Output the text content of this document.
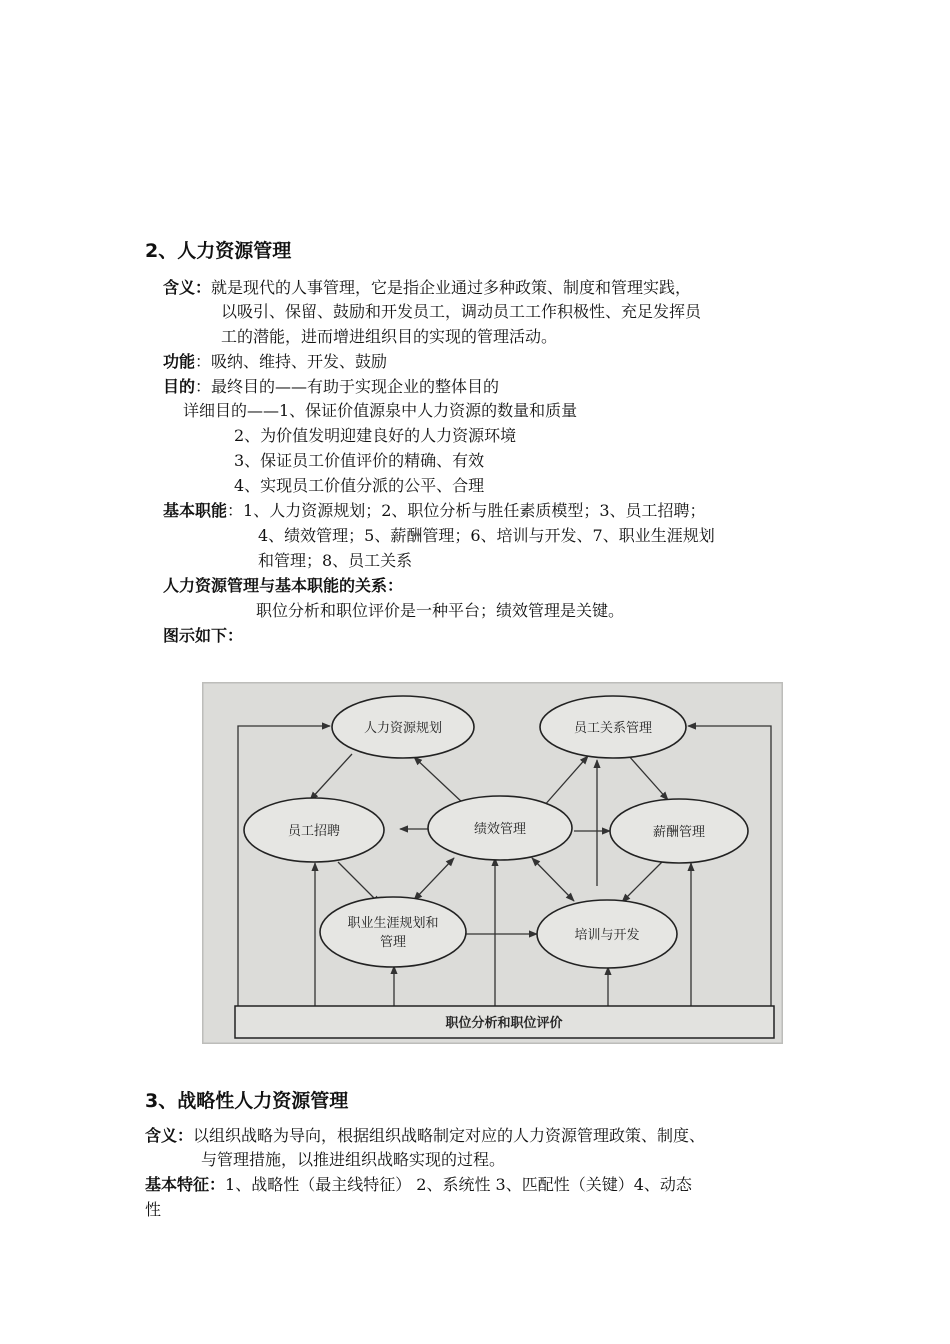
2、人力资源管理
含义：就是现代的人事管理，它是指企业通过多种政策、制度和管理实践，
以吸引、保留、鼓励和开发员工，调动员工工作积极性、充足发挥员
工的潜能，进而增进组织目的实现的管理活动。
功能：吸纳、维持、开发、鼓励
目的：最终目的——有助于实现企业的整体目的
详细目的——1、保证价值源泉中人力资源的数量和质量
2、为价值发明迎建良好的人力资源环境
3、保证员工价值评价的精确、有效
4、实现员工价值分派的公平、合理
基本职能：1、人力资源规划；2、职位分析与胜任素质模型；3、员工招聘；
4、绩效管理；5、薪酬管理；6、培训与开发、7、职业生涯规划
和管理；8、员工关系
人力资源管理与基本职能的关系：
职位分析和职位评价是一种平台；绩效管理是关键。
图示如下：
人力资源规划	员工关系管理
员工招聘	绩效管理	薪酬管理
职业生涯规划和
管理	培训与开发
职位分析和职位评价
3、战略性人力资源管理
含义：以组织战略为导向，根据组织战略制定对应的人力资源管理政策、制度、
与管理措施，以推进组织战略实现的过程。
基本特征：1、战略性（最主线特征） 2、系统性 3、匹配性（关键）4、动态
性
